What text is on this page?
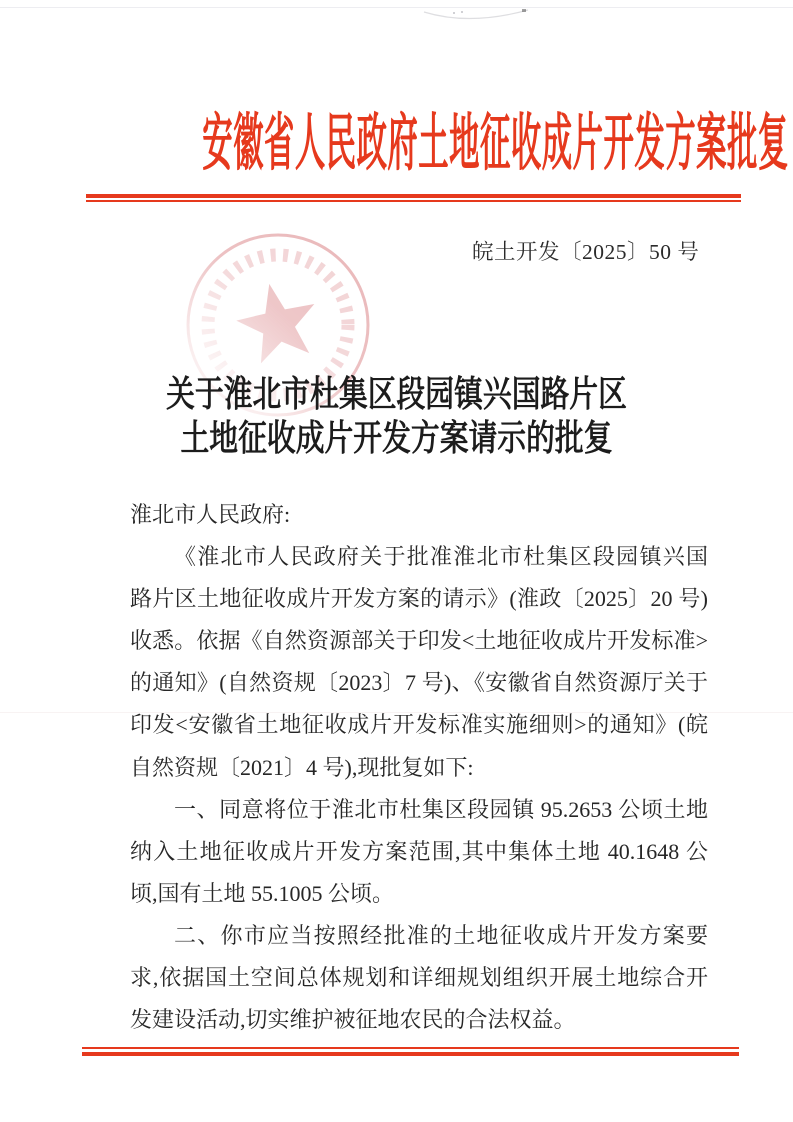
安徽省人民政府土地征收成片开发方案批复
皖土开发〔2025〕50 号
关于淮北市杜集区段园镇兴国路片区
土地征收成片开发方案请示的批复
淮北市人民政府:
《淮北市人民政府关于批准淮北市杜集区段园镇兴国
路片区土地征收成片开发方案的请示》(淮政〔2025〕20 号)
收悉。依据《自然资源部关于印发<土地征收成片开发标准>
的通知》(自然资规〔2023〕7 号)、《安徽省自然资源厅关于
印发<安徽省土地征收成片开发标准实施细则>的通知》(皖
自然资规〔2021〕4 号),现批复如下:
一、同意将位于淮北市杜集区段园镇 95.2653 公顷土地
纳入土地征收成片开发方案范围,其中集体土地 40.1648 公
顷,国有土地 55.1005 公顷。
二、你市应当按照经批准的土地征收成片开发方案要
求,依据国土空间总体规划和详细规划组织开展土地综合开
发建设活动,切实维护被征地农民的合法权益。
